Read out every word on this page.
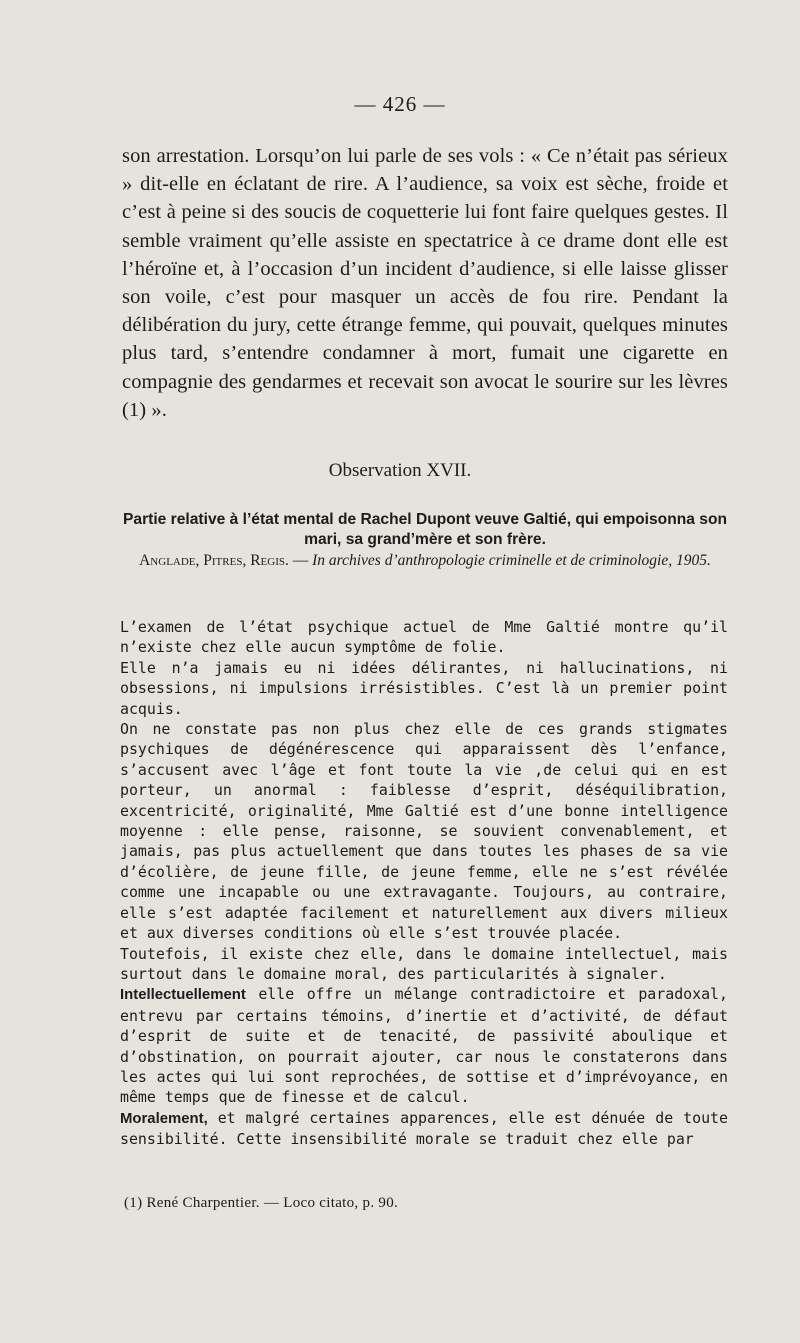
— 426 —

son arrestation. Lorsqu’on lui parle de ses vols : « Ce n’était pas sérieux » dit-elle en éclatant de rire. A l’audience, sa voix est sèche, froide et c’est à peine si des soucis de coquetterie lui font faire quelques gestes. Il semble vraiment qu’elle assiste en spectatrice à ce drame dont elle est l’héroïne et, à l’occasion d’un incident d’audience, si elle laisse glisser son voile, c’est pour masquer un accès de fou rire. Pendant la délibération du jury, cette étrange femme, qui pouvait, quelques minutes plus tard, s’entendre condamner à mort, fumait une cigarette en compagnie des gendarmes et recevait son avocat le sourire sur les lèvres (1) ».

Observation XVII.
Partie relative à l’état mental de Rachel Dupont veuve Galtié, qui empoisonna son mari, sa grand’mère et son frère.
Anglade, Pitres, Regis. — In archives d’anthropologie criminelle et de criminologie, 1905.

L’examen de l’état psychique actuel de Mme Galtié montre qu’il n’existe chez elle aucun symptôme de folie.

Elle n’a jamais eu ni idées délirantes, ni hallucinations, ni obsessions, ni impulsions irrésistibles. C’est là un premier point acquis.

On ne constate pas non plus chez elle de ces grands stigmates psychiques de dégénérescence qui apparaissent dès l’enfance, s’accusent avec l’âge et font toute la vie ,de celui qui en est porteur, un anormal : faiblesse d’esprit, déséquilibration, excentricité, originalité, Mme Galtié est d’une bonne intelligence moyenne : elle pense, raisonne, se souvient convenablement, et jamais, pas plus actuellement que dans toutes les phases de sa vie d’écolière, de jeune fille, de jeune femme, elle ne s’est révélée comme une incapable ou une extravagante. Toujours, au contraire, elle s’est adaptée facilement et naturellement aux divers milieux et aux diverses conditions où elle s’est trouvée placée.

Toutefois, il existe chez elle, dans le domaine intellectuel, mais surtout dans le domaine moral, des particularités à signaler.

Intellectuellement elle offre un mélange contradictoire et paradoxal, entrevu par certains témoins, d’inertie et d’activité, de défaut d’esprit de suite et de tenacité, de passivité aboulique et d’obstination, on pourrait ajouter, car nous le constaterons dans les actes qui lui sont reprochées, de sottise et d’imprévoyance, en même temps que de finesse et de calcul.

Moralement, et malgré certaines apparences, elle est dénuée de toute sensibilité. Cette insensibilité morale se traduit chez elle par

(1) René Charpentier. — Loco citato, p. 90.
